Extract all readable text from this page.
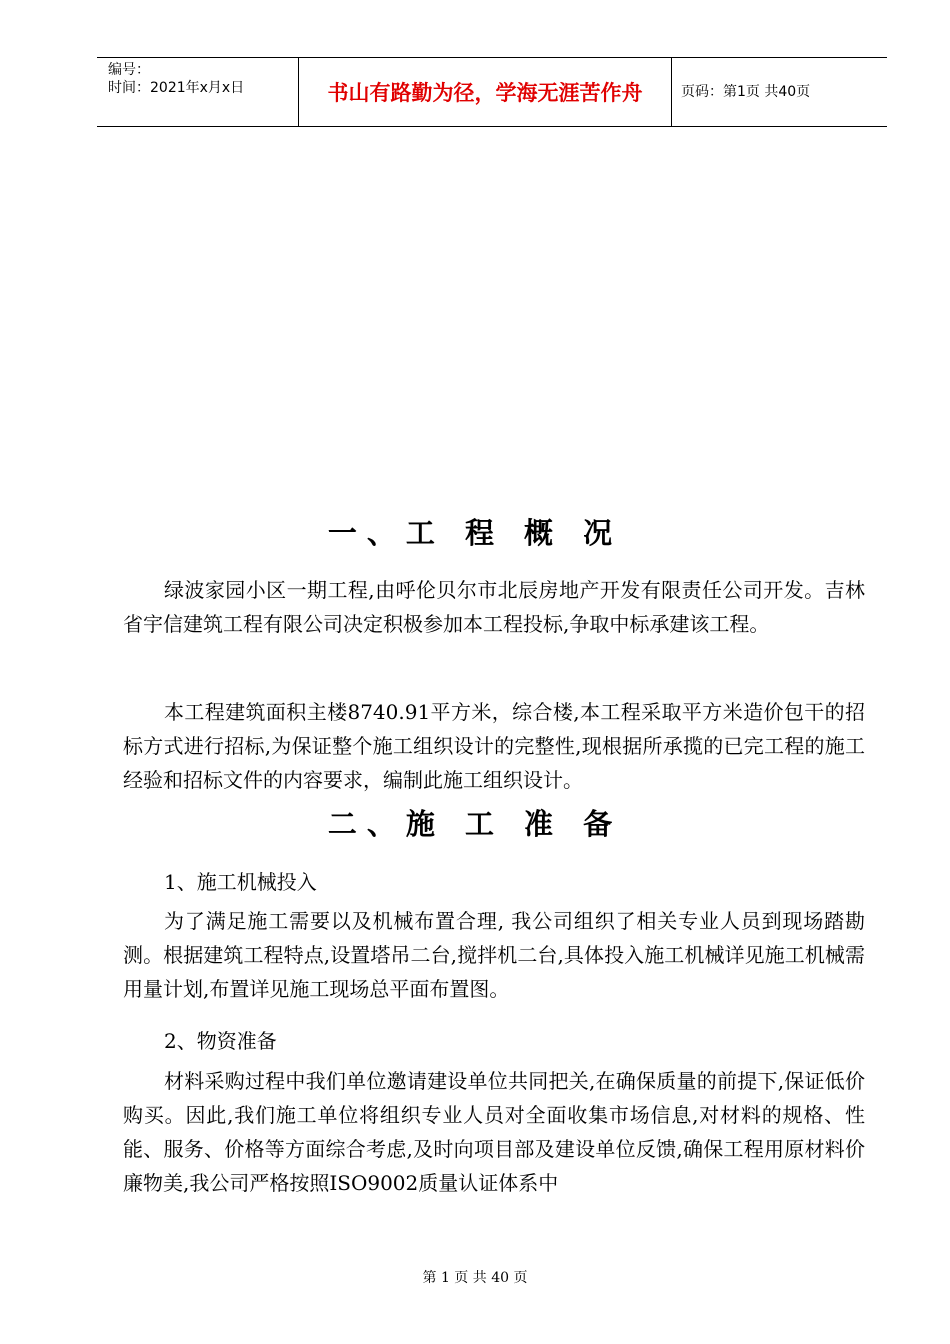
编号：
时间：2021年x月x日	书山有路勤为径，学海无涯苦作舟	页码：第1页 共40页
一、工 程 概 况
绿波家园小区一期工程,由呼伦贝尔市北辰房地产开发有限责任公司开发。吉林省宇信建筑工程有限公司决定积极参加本工程投标,争取中标承建该工程。
本工程建筑面积主楼8740.91平方米，综合楼,本工程采取平方米造价包干的招标方式进行招标,为保证整个施工组织设计的完整性,现根据所承揽的已完工程的施工经验和招标文件的内容要求，编制此施工组织设计。
二、施 工 准 备
1、施工机械投入
为了满足施工需要以及机械布置合理, 我公司组织了相关专业人员到现场踏勘测。根据建筑工程特点,设置塔吊二台,搅拌机二台,具体投入施工机械详见施工机械需用量计划,布置详见施工现场总平面布置图。
2、物资准备
材料采购过程中我们单位邀请建设单位共同把关,在确保质量的前提下,保证低价购买。因此,我们施工单位将组织专业人员对全面收集市场信息,对材料的规格、性能、服务、价格等方面综合考虑,及时向项目部及建设单位反馈,确保工程用原材料价廉物美,我公司严格按照ISO9002质量认证体系中
第 1 页 共 40 页
